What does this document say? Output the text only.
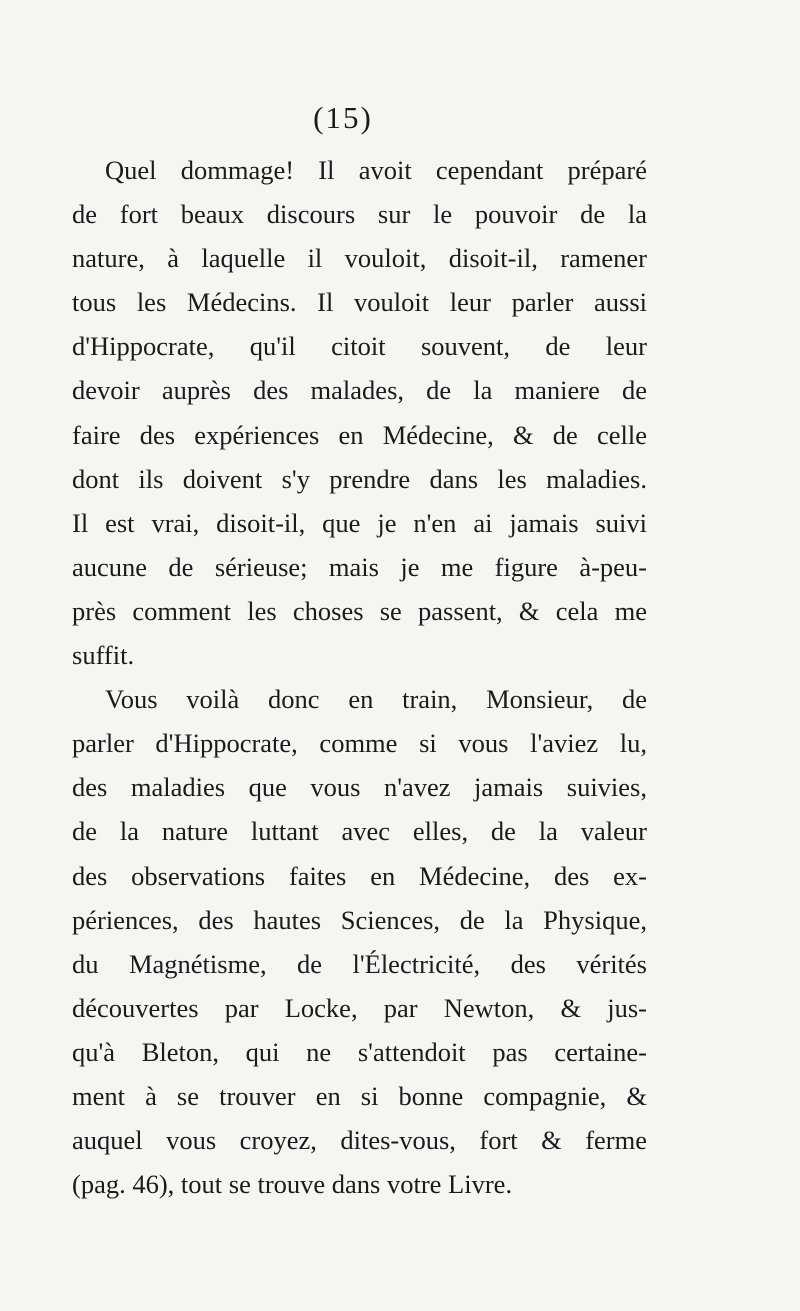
(15)
Quel dommage! Il avoit cependant préparé
de fort beaux discours sur le pouvoir de la
nature, à laquelle il vouloit, disoit-il, ramener
tous les Médecins. Il vouloit leur parler aussi
d'Hippocrate, qu'il citoit souvent, de leur
devoir auprès des malades, de la maniere de
faire des expériences en Médecine, & de celle
dont ils doivent s'y prendre dans les maladies.
Il est vrai, disoit-il, que je n'en ai jamais suivi
aucune de sérieuse; mais je me figure à-peu-
près comment les choses se passent, & cela me
suffit.
Vous voilà donc en train, Monsieur, de
parler d'Hippocrate, comme si vous l'aviez lu,
des maladies que vous n'avez jamais suivies,
de la nature luttant avec elles, de la valeur
des observations faites en Médecine, des ex-
périences, des hautes Sciences, de la Physique,
du Magnétisme, de l'Électricité, des vérités
découvertes par Locke, par Newton, & jus-
qu'à Bleton, qui ne s'attendoit pas certaine-
ment à se trouver en si bonne compagnie, &
auquel vous croyez, dites-vous, fort & ferme
(pag. 46), tout se trouve dans votre Livre.
